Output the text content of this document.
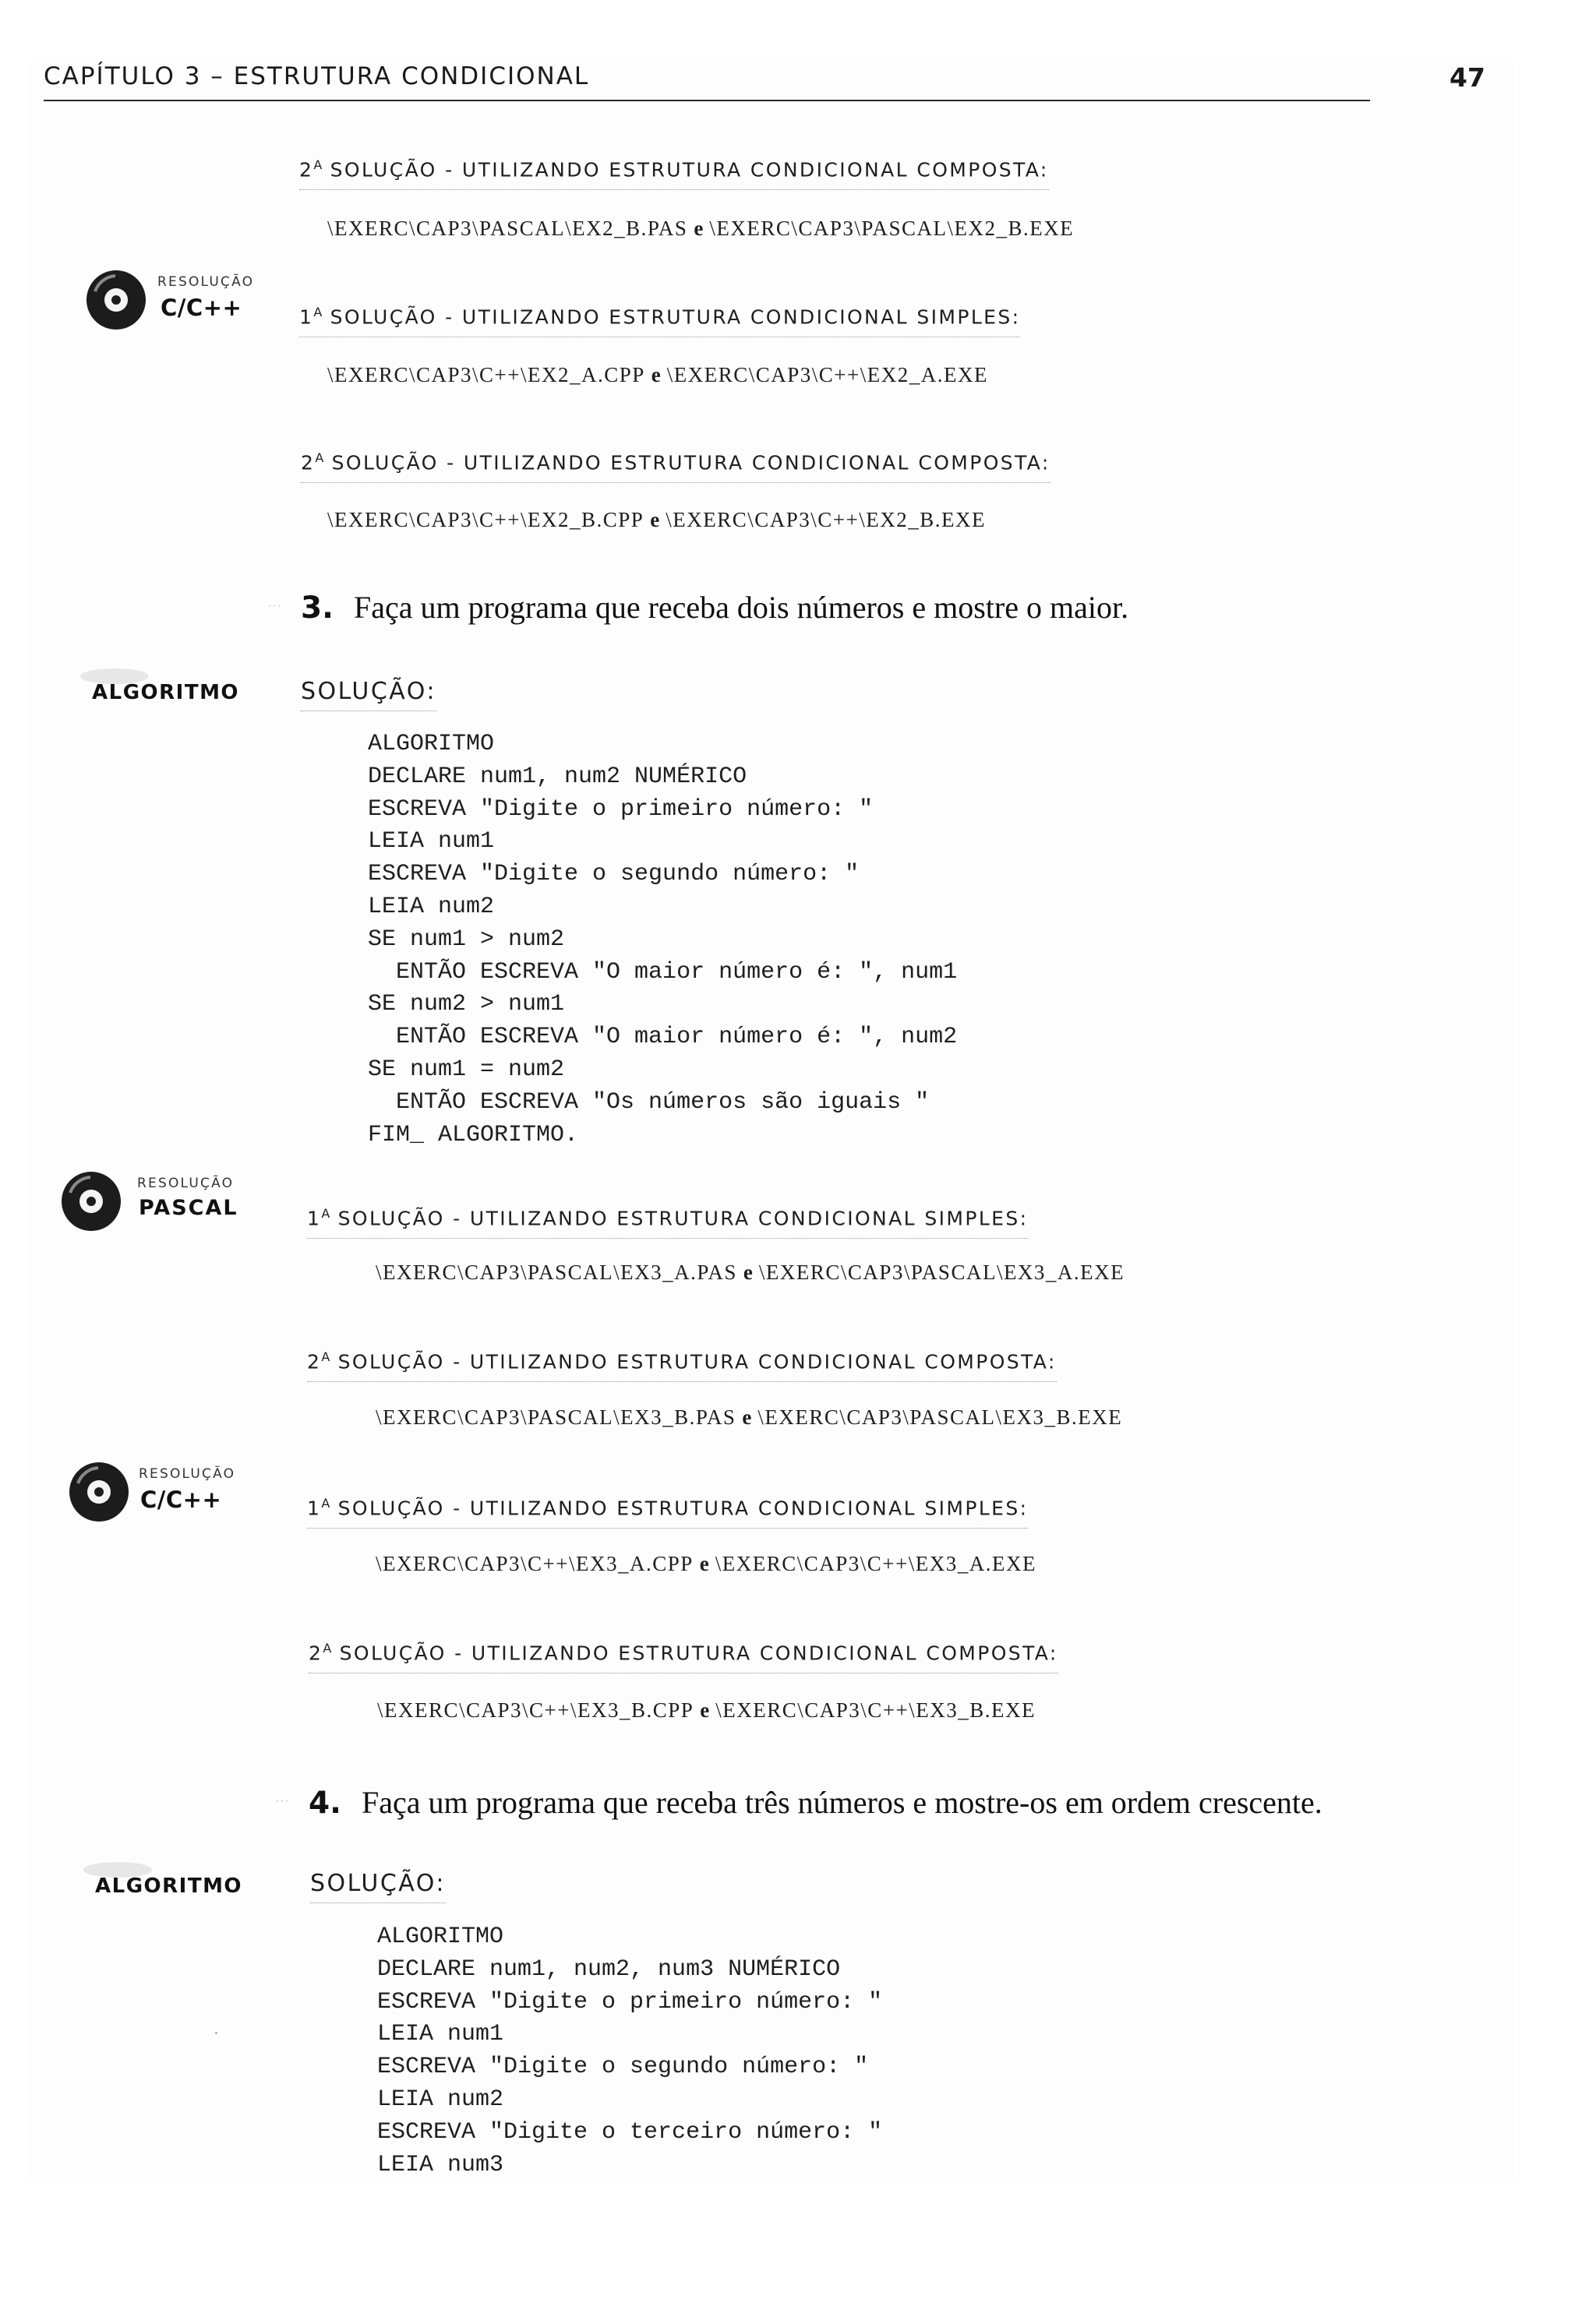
CAPÍTULO 3 – ESTRUTURA CONDICIONAL	47
$2^A$ SOLUÇÃO - UTILIZANDO ESTRUTURA CONDICIONAL COMPOSTA:
\EXERC\CAP3\PASCAL\EX2_B.PAS e \EXERC\CAP3\PASCAL\EX2_B.EXE
RESOLUÇÃO
C/C++	$1^A$ SOLUÇÃO - UTILIZANDO ESTRUTURA CONDICIONAL SIMPLES:
\EXERC\CAP3\C++\EX2_A.CPP e \EXERC\CAP3\C++\EX2_A.EXE
$2^A$ SOLUÇÃO - UTILIZANDO ESTRUTURA CONDICIONAL COMPOSTA:
\EXERC\CAP3\C++\EX2_B.CPP e \EXERC\CAP3\C++\EX2_B.EXE
∙∙∙ 3. Faça um programa que receba dois números e mostre o maior.
ALGORITMO	SOLUÇÃO:
ALGORITMO
DECLARE num1, num2 NUMÉRICO
ESCREVA "Digite o primeiro número: "
LEIA num1
ESCREVA "Digite o segundo número: "
LEIA num2
SE num1 > num2
ENTÃO ESCREVA "O maior número é: ", num1
SE num2 > num1
ENTÃO ESCREVA "O maior número é: ", num2
SE num1 = num2
ENTÃO ESCREVA "Os números são iguais "
FIM_ ALGORITMO.
RESOLUÇÃO
PASCAL	$1^A$ SOLUÇÃO - UTILIZANDO ESTRUTURA CONDICIONAL SIMPLES:
\EXERC\CAP3\PASCAL\EX3_A.PAS e \EXERC\CAP3\PASCAL\EX3_A.EXE
$2^A$ SOLUÇÃO - UTILIZANDO ESTRUTURA CONDICIONAL COMPOSTA:
\EXERC\CAP3\PASCAL\EX3_B.PAS e \EXERC\CAP3\PASCAL\EX3_B.EXE
RESOLUÇÃO
C/C++	$1^A$ SOLUÇÃO - UTILIZANDO ESTRUTURA CONDICIONAL SIMPLES:
\EXERC\CAP3\C++\EX3_A.CPP e \EXERC\CAP3\C++\EX3_A.EXE
$2^A$ SOLUÇÃO - UTILIZANDO ESTRUTURA CONDICIONAL COMPOSTA:
\EXERC\CAP3\C++\EX3_B.CPP e \EXERC\CAP3\C++\EX3_B.EXE
∙∙∙ 4. Faça um programa que receba três números e mostre-os em ordem crescente.
ALGORITMO	SOLUÇÃO:
ALGORITMO
DECLARE num1, num2, num3 NUMÉRICO
ESCREVA "Digite o primeiro número: "
LEIA num1
ESCREVA "Digite o segundo número: "
LEIA num2
ESCREVA "Digite o terceiro número: "
LEIA num3
